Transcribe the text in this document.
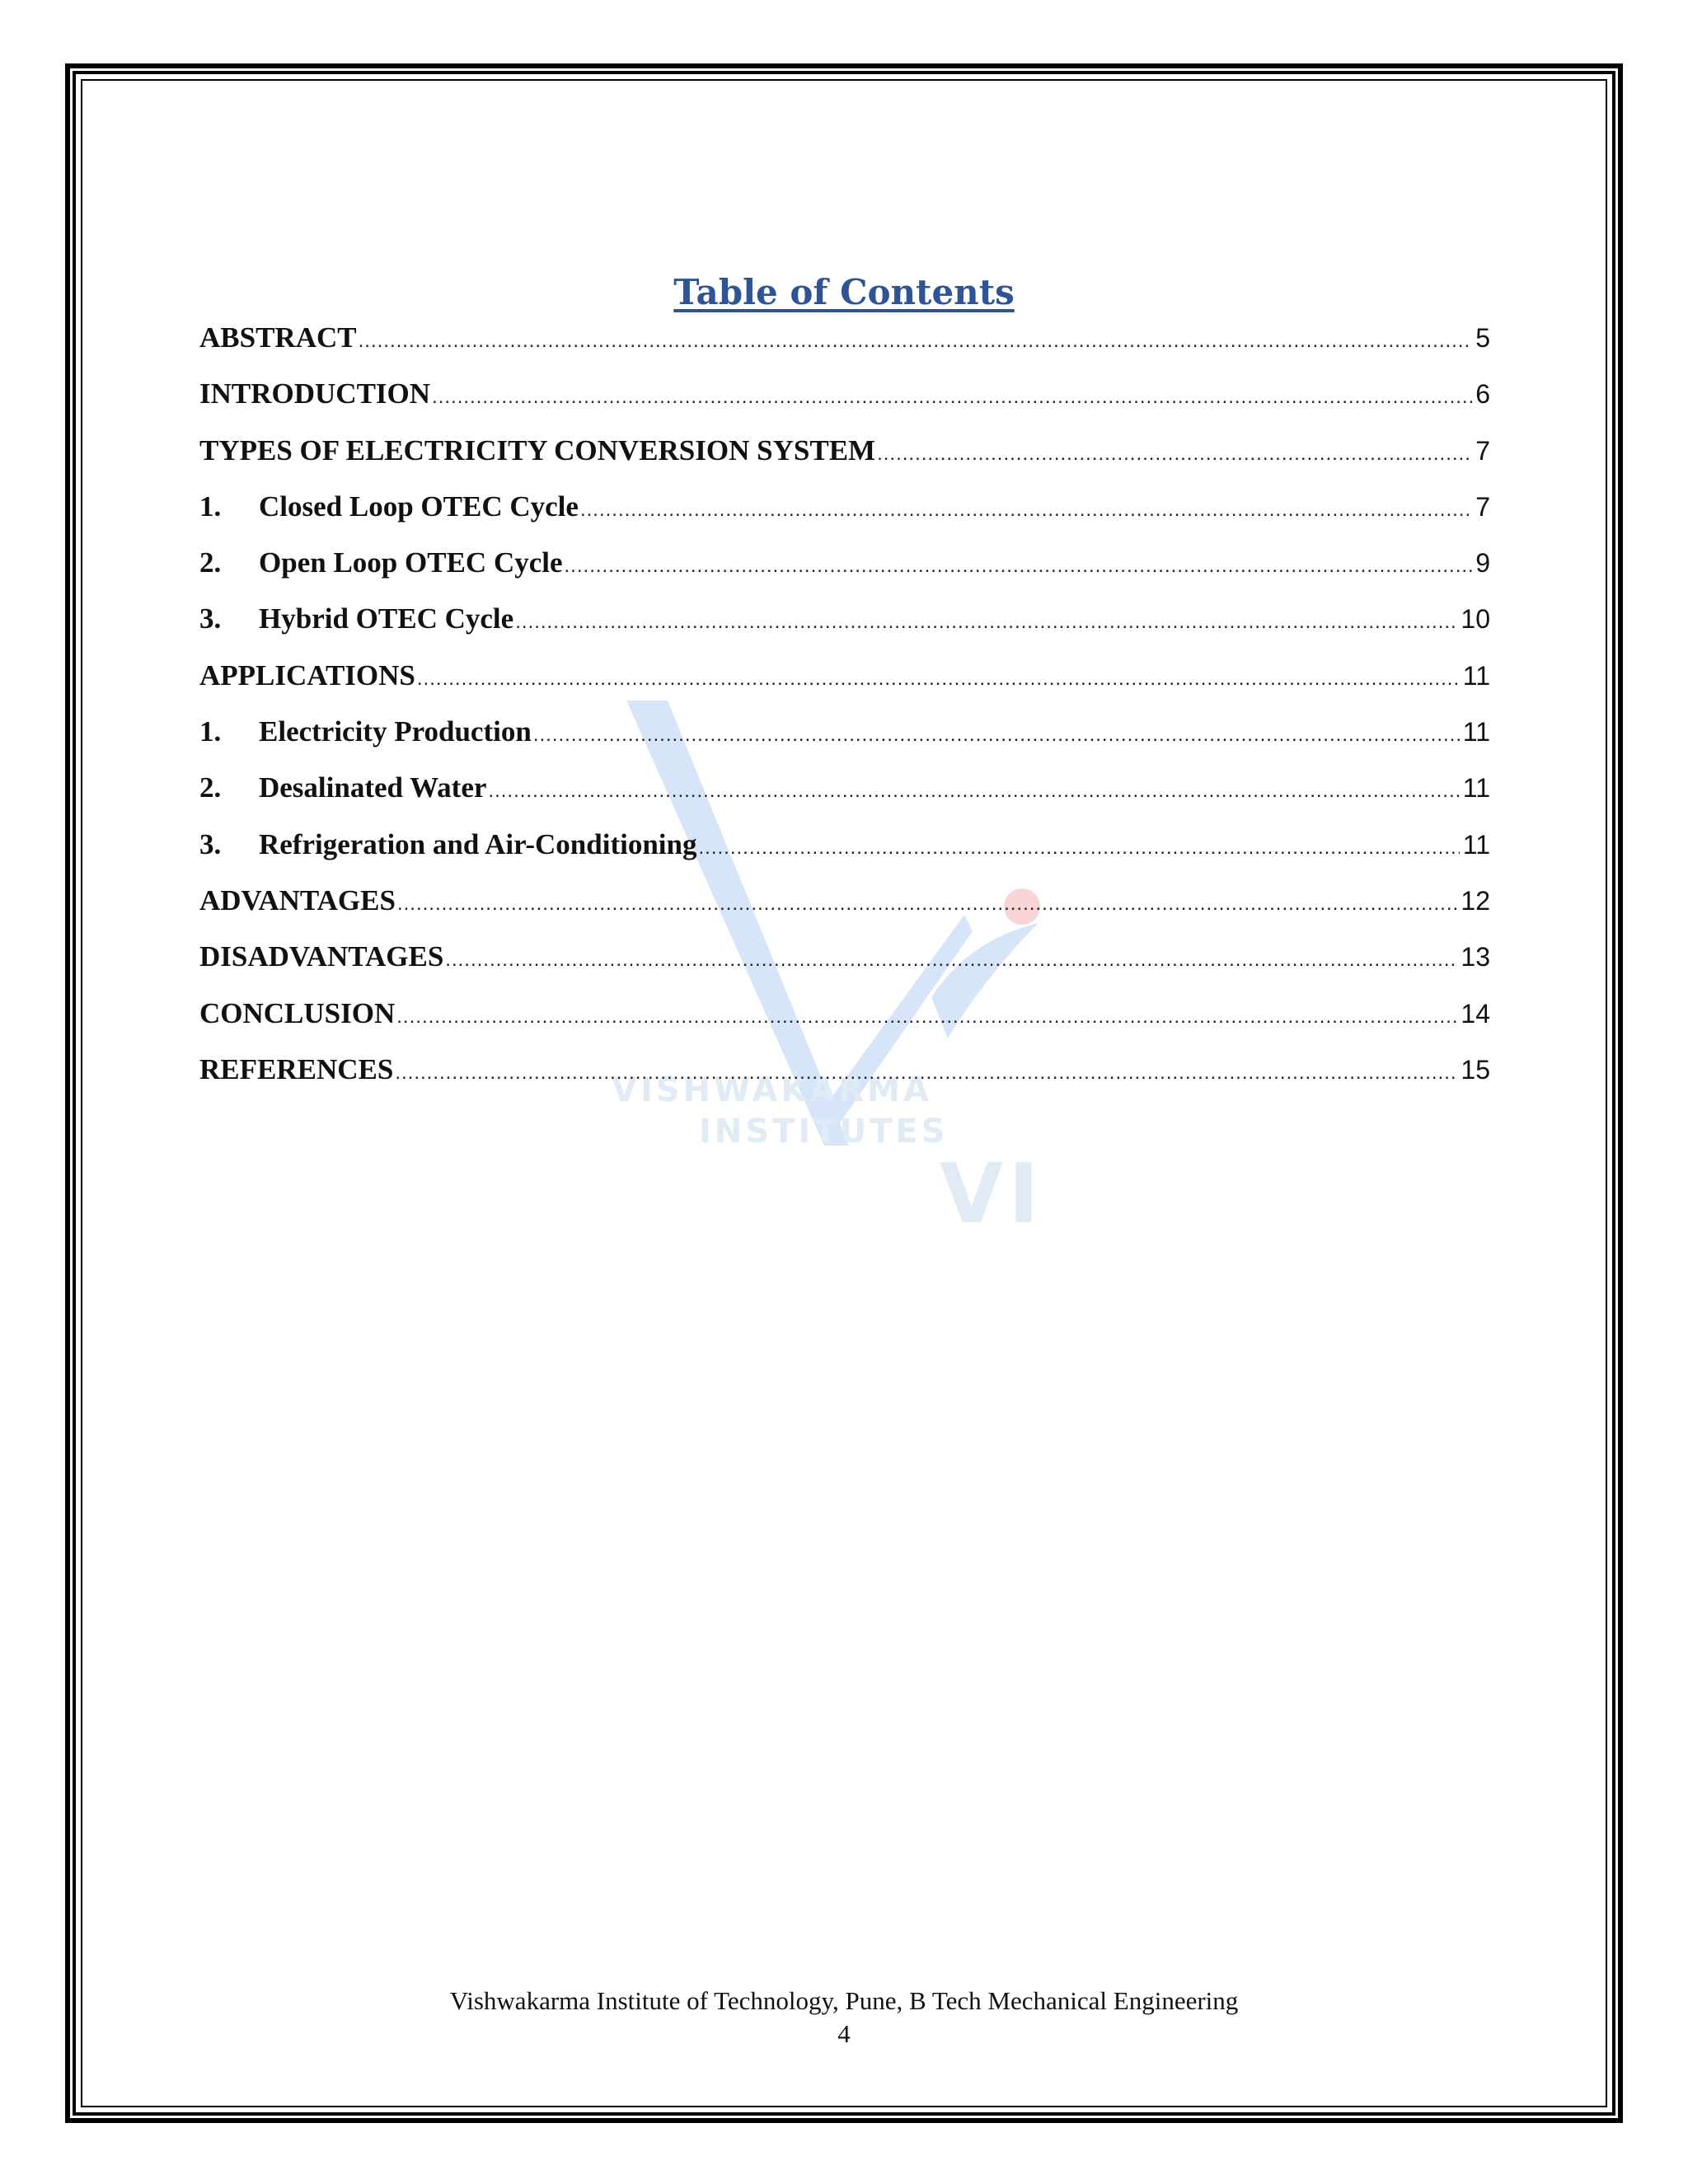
VISHWAKARMA
INSTITUTES
VI
Table of Contents
ABSTRACT .....	5
INTRODUCTION .....	6
TYPES OF ELECTRICITY CONVERSION SYSTEM .....	7
1.	Closed Loop OTEC Cycle .....	7
2.	Open Loop OTEC Cycle .....	9
3.	Hybrid OTEC Cycle .....	10
APPLICATIONS .....	11
1.	Electricity Production .....	11
2.	Desalinated Water .....	11
3.	Refrigeration and Air-Conditioning .....	11
ADVANTAGES .....	12
DISADVANTAGES .....	13
CONCLUSION .....	14
REFERENCES .....	15
Vishwakarma Institute of Technology, Pune, B Tech Mechanical Engineering
4
